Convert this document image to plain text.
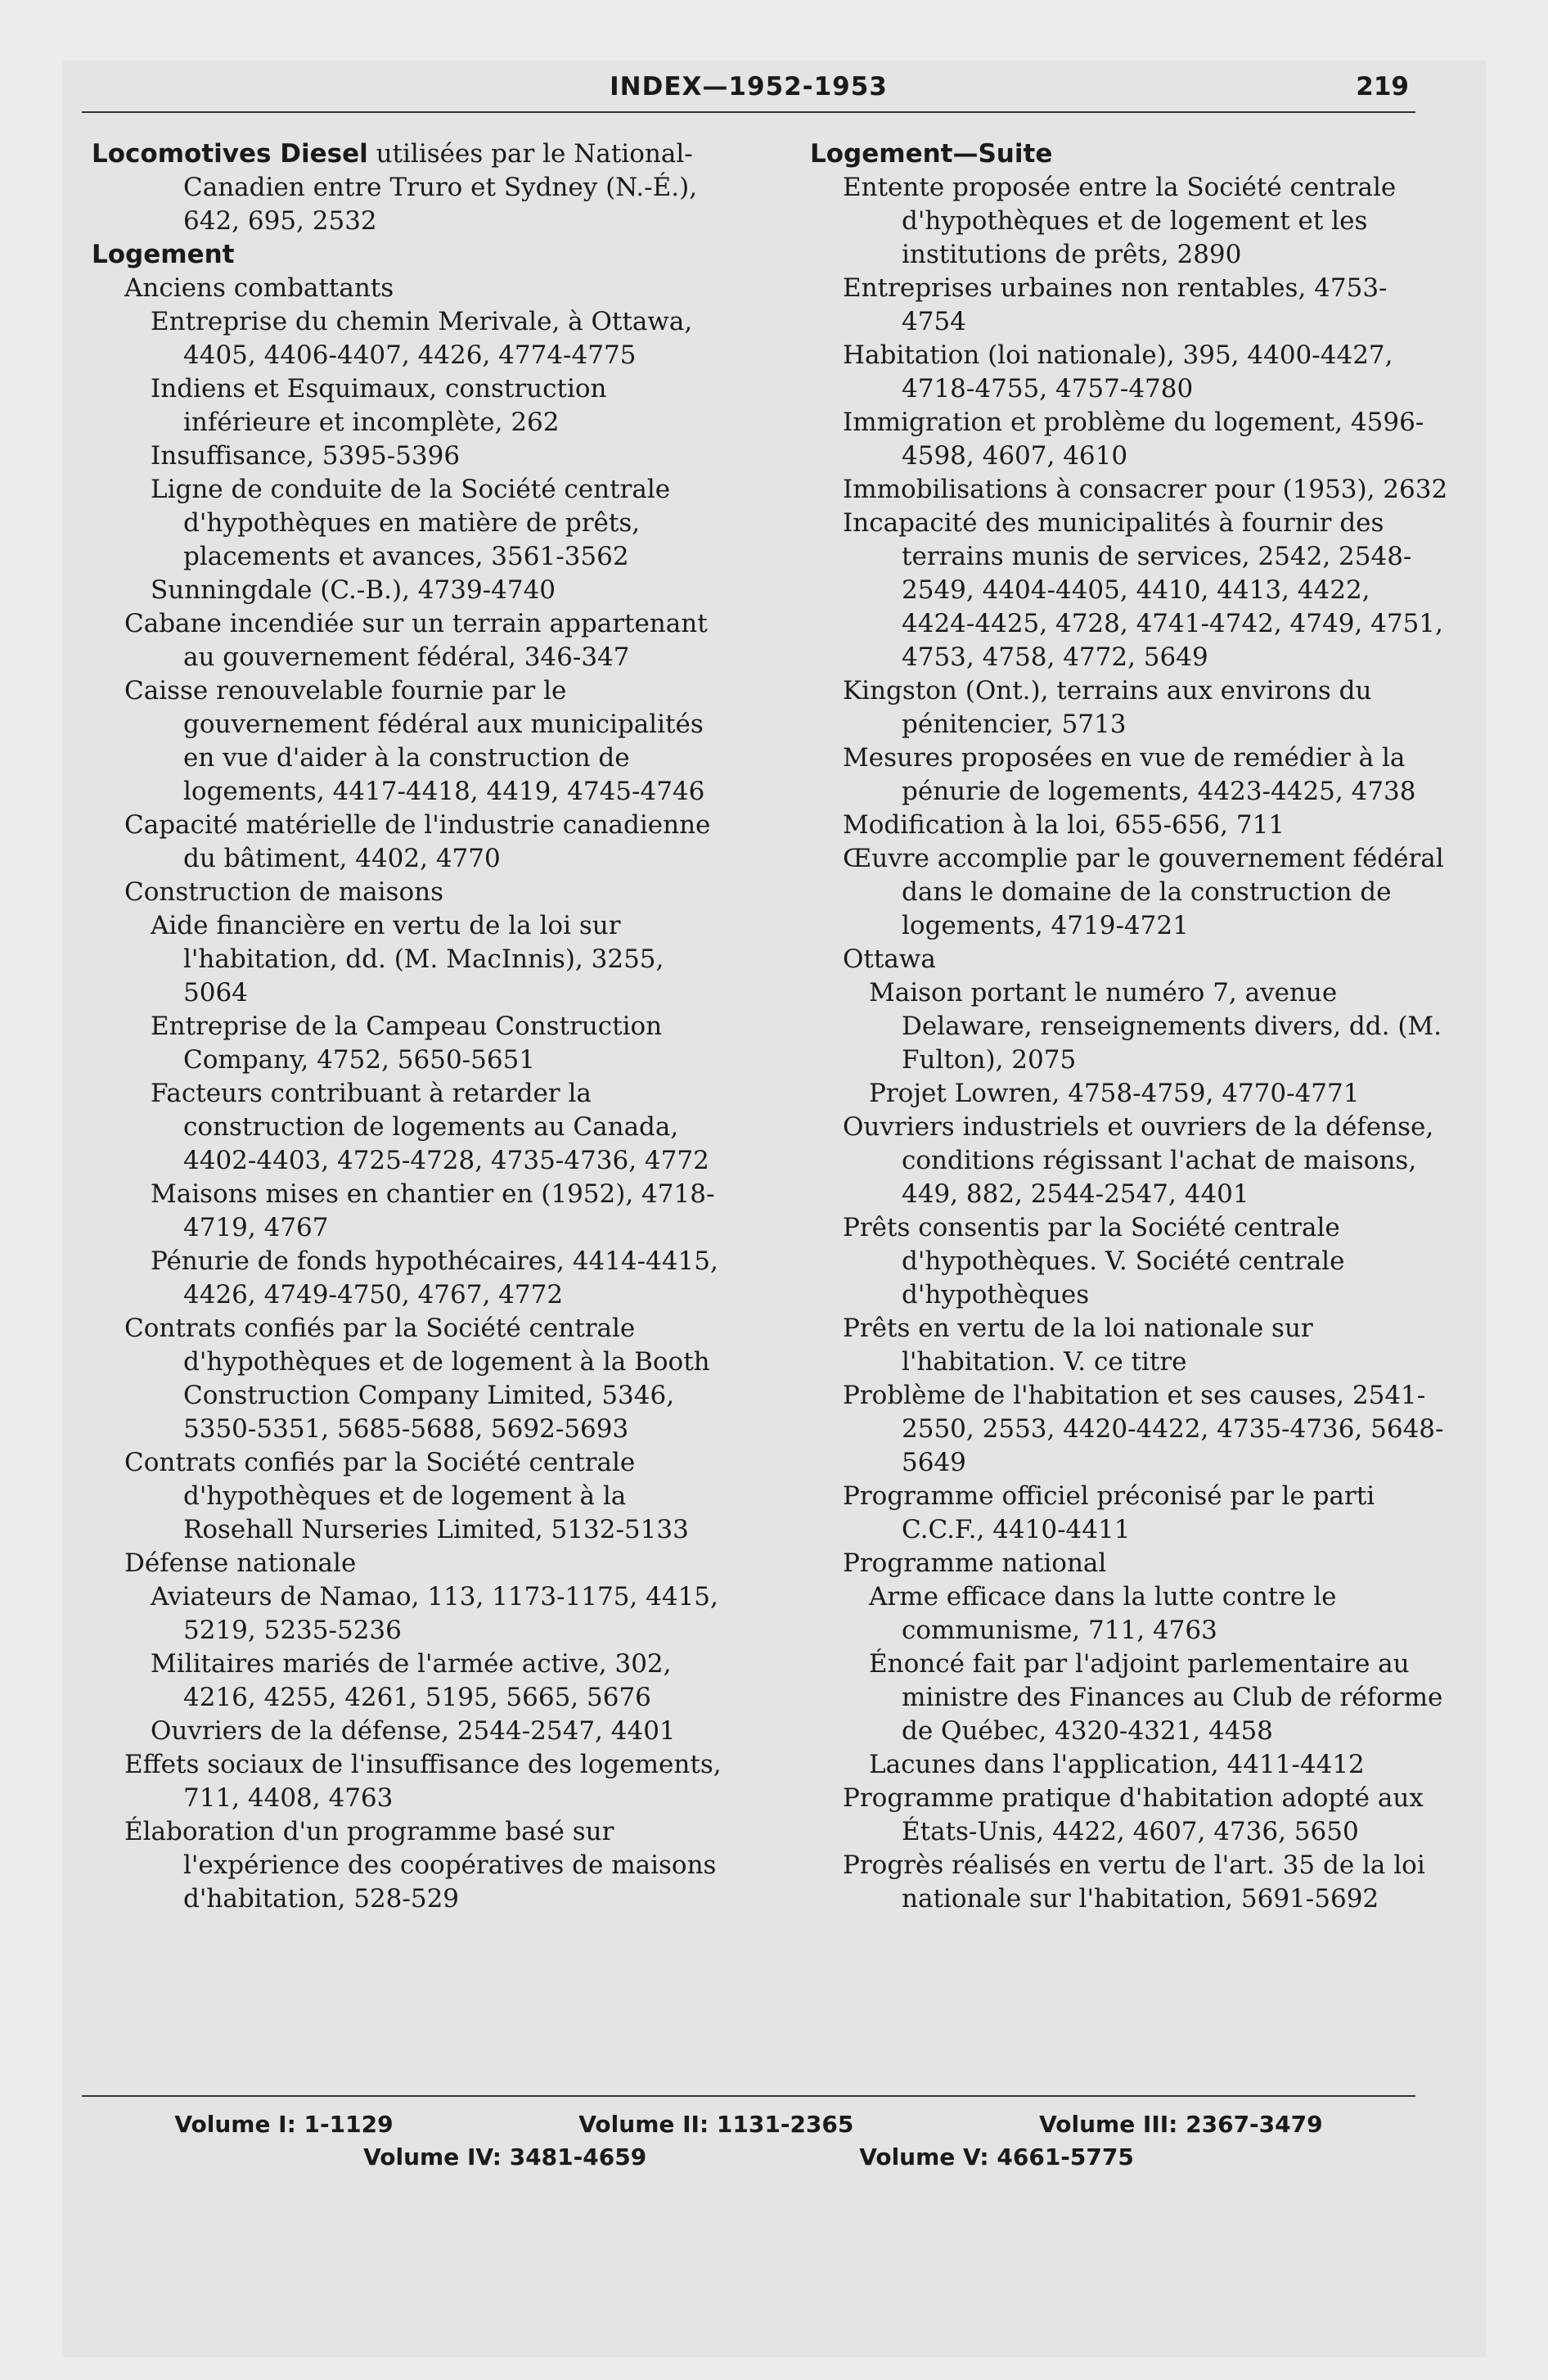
INDEX—1952-1953	219
Locomotives Diesel utilisées par le National-Canadien entre Truro et Sydney (N.-É.), 642, 695, 2532
Logement
Anciens combattants
Entreprise du chemin Merivale, à Ottawa, 4405, 4406-4407, 4426, 4774-4775
Indiens et Esquimaux, construction inférieure et incomplète, 262
Insuffisance, 5395-5396
Ligne de conduite de la Société centrale d'hypothèques en matière de prêts, placements et avances, 3561-3562
Sunningdale (C.-B.), 4739-4740
Cabane incendiée sur un terrain appartenant au gouvernement fédéral, 346-347
Caisse renouvelable fournie par le gouvernement fédéral aux municipalités en vue d'aider à la construction de logements, 4417-4418, 4419, 4745-4746
Capacité matérielle de l'industrie canadienne du bâtiment, 4402, 4770
Construction de maisons
Aide financière en vertu de la loi sur l'habitation, dd. (M. MacInnis), 3255, 5064
Entreprise de la Campeau Construction Company, 4752, 5650-5651
Facteurs contribuant à retarder la construction de logements au Canada, 4402-4403, 4725-4728, 4735-4736, 4772
Maisons mises en chantier en (1952), 4718-4719, 4767
Pénurie de fonds hypothécaires, 4414-4415, 4426, 4749-4750, 4767, 4772
Contrats confiés par la Société centrale d'hypothèques et de logement à la Booth Construction Company Limited, 5346, 5350-5351, 5685-5688, 5692-5693
Contrats confiés par la Société centrale d'hypothèques et de logement à la Rosehall Nurseries Limited, 5132-5133
Défense nationale
Aviateurs de Namao, 113, 1173-1175, 4415, 5219, 5235-5236
Militaires mariés de l'armée active, 302, 4216, 4255, 4261, 5195, 5665, 5676
Ouvriers de la défense, 2544-2547, 4401
Effets sociaux de l'insuffisance des logements, 711, 4408, 4763
Élaboration d'un programme basé sur l'expérience des coopératives de maisons d'habitation, 528-529
Logement—Suite
Entente proposée entre la Société centrale d'hypothèques et de logement et les institutions de prêts, 2890
Entreprises urbaines non rentables, 4753-4754
Habitation (loi nationale), 395, 4400-4427, 4718-4755, 4757-4780
Immigration et problème du logement, 4596-4598, 4607, 4610
Immobilisations à consacrer pour (1953), 2632
Incapacité des municipalités à fournir des terrains munis de services, 2542, 2548-2549, 4404-4405, 4410, 4413, 4422, 4424-4425, 4728, 4741-4742, 4749, 4751, 4753, 4758, 4772, 5649
Kingston (Ont.), terrains aux environs du pénitencier, 5713
Mesures proposées en vue de remédier à la pénurie de logements, 4423-4425, 4738
Modification à la loi, 655-656, 711
Œuvre accomplie par le gouvernement fédéral dans le domaine de la construction de logements, 4719-4721
Ottawa
Maison portant le numéro 7, avenue Delaware, renseignements divers, dd. (M. Fulton), 2075
Projet Lowren, 4758-4759, 4770-4771
Ouvriers industriels et ouvriers de la défense, conditions régissant l'achat de maisons, 449, 882, 2544-2547, 4401
Prêts consentis par la Société centrale d'hypothèques. V. Société centrale d'hypothèques
Prêts en vertu de la loi nationale sur l'habitation. V. ce titre
Problème de l'habitation et ses causes, 2541-2550, 2553, 4420-4422, 4735-4736, 5648-5649
Programme officiel préconisé par le parti C.C.F., 4410-4411
Programme national
Arme efficace dans la lutte contre le communisme, 711, 4763
Énoncé fait par l'adjoint parlementaire au ministre des Finances au Club de réforme de Québec, 4320-4321, 4458
Lacunes dans l'application, 4411-4412
Programme pratique d'habitation adopté aux États-Unis, 4422, 4607, 4736, 5650
Progrès réalisés en vertu de l'art. 35 de la loi nationale sur l'habitation, 5691-5692
Volume I: 1-1129	Volume II: 1131-2365	Volume III: 2367-3479
Volume IV: 3481-4659	Volume V: 4661-5775
